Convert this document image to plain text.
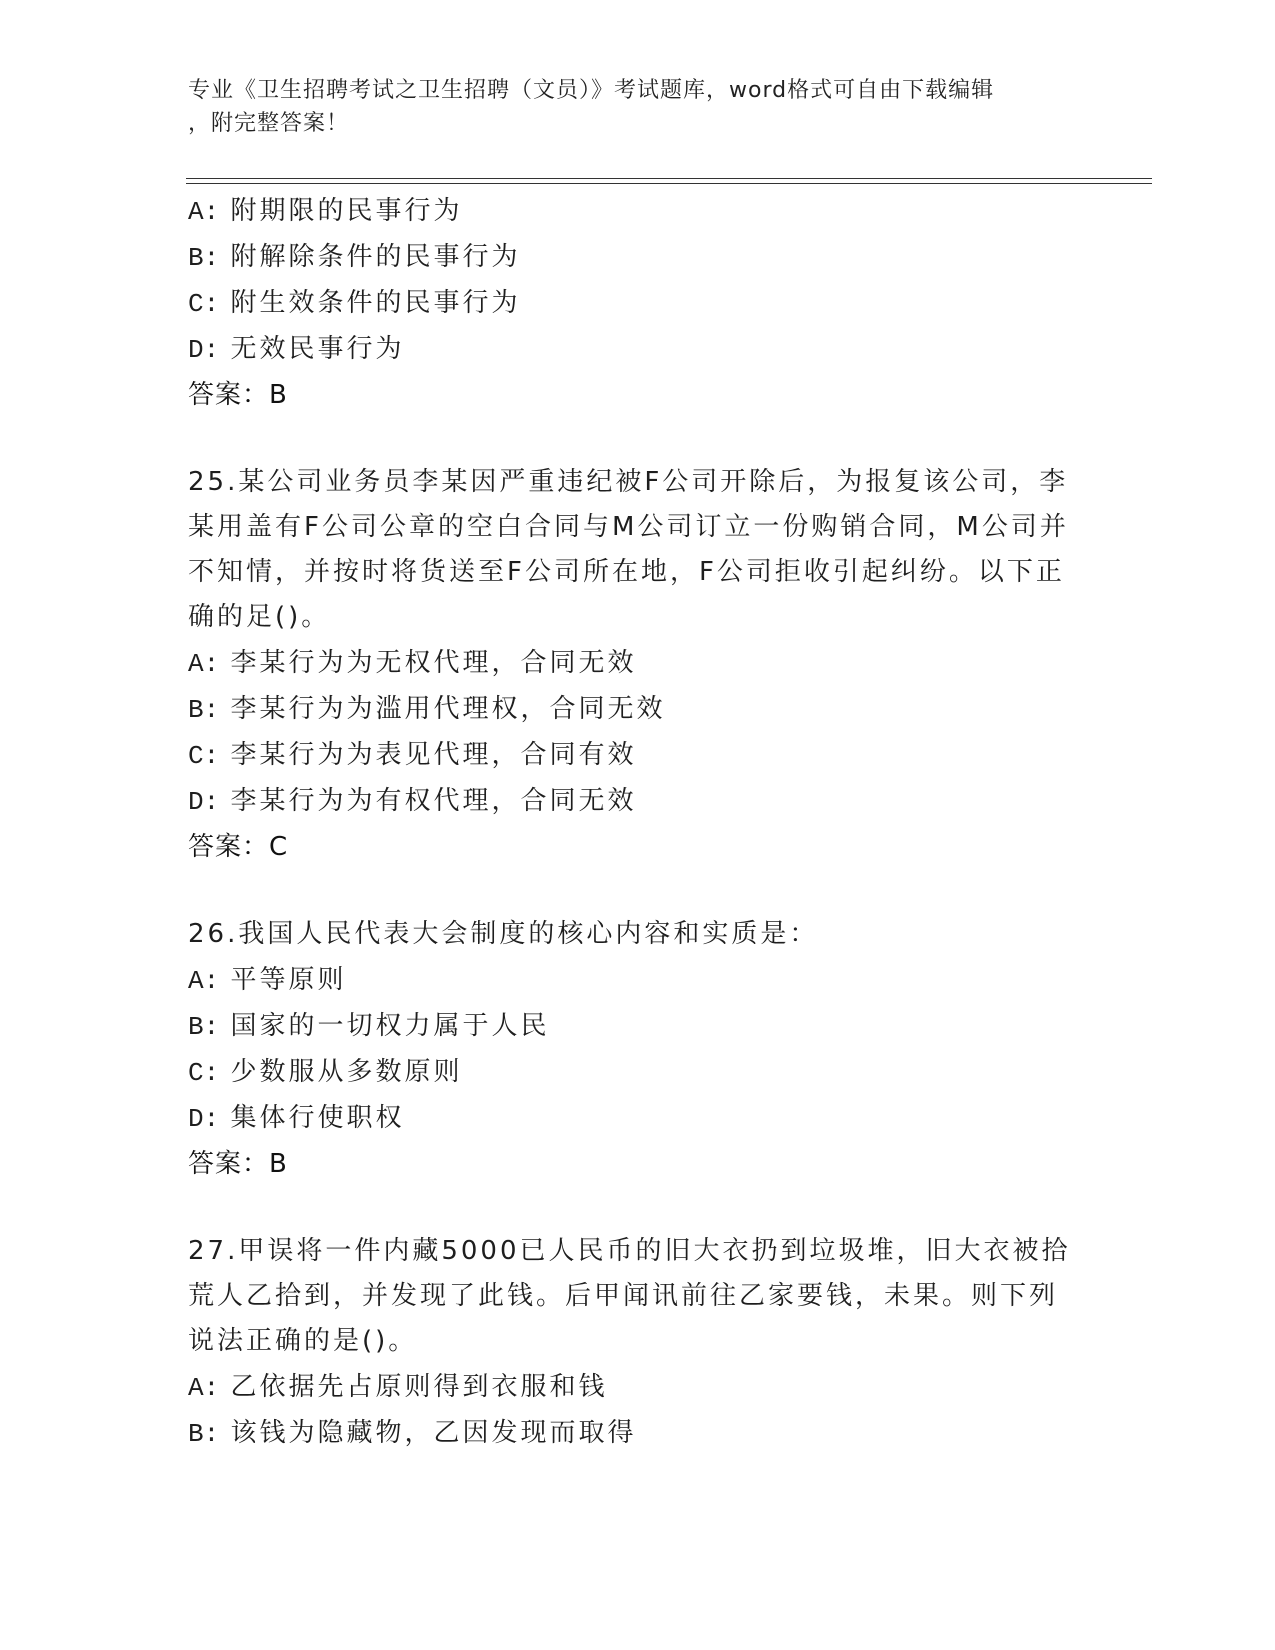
专业《卫生招聘考试之卫生招聘（文员）》考试题库，word格式可自由下载编辑
，附完整答案！
A: 附期限的民事行为
B: 附解除条件的民事行为
C: 附生效条件的民事行为
D: 无效民事行为
答案：B
25.某公司业务员李某因严重违纪被F公司开除后，为报复该公司，李
某用盖有F公司公章的空白合同与M公司订立一份购销合同，M公司并
不知情，并按时将货送至F公司所在地，F公司拒收引起纠纷。以下正
确的足()。
A: 李某行为为无权代理，合同无效
B: 李某行为为滥用代理权，合同无效
C: 李某行为为表见代理，合同有效
D: 李某行为为有权代理，合同无效
答案：C
26.我国人民代表大会制度的核心内容和实质是：
A: 平等原则
B: 国家的一切权力属于人民
C: 少数服从多数原则
D: 集体行使职权
答案：B
27.甲误将一件内藏5000已人民币的旧大衣扔到垃圾堆，旧大衣被拾
荒人乙拾到，并发现了此钱。后甲闻讯前往乙家要钱，未果。则下列
说法正确的是()。
A: 乙依据先占原则得到衣服和钱
B: 该钱为隐藏物，乙因发现而取得
